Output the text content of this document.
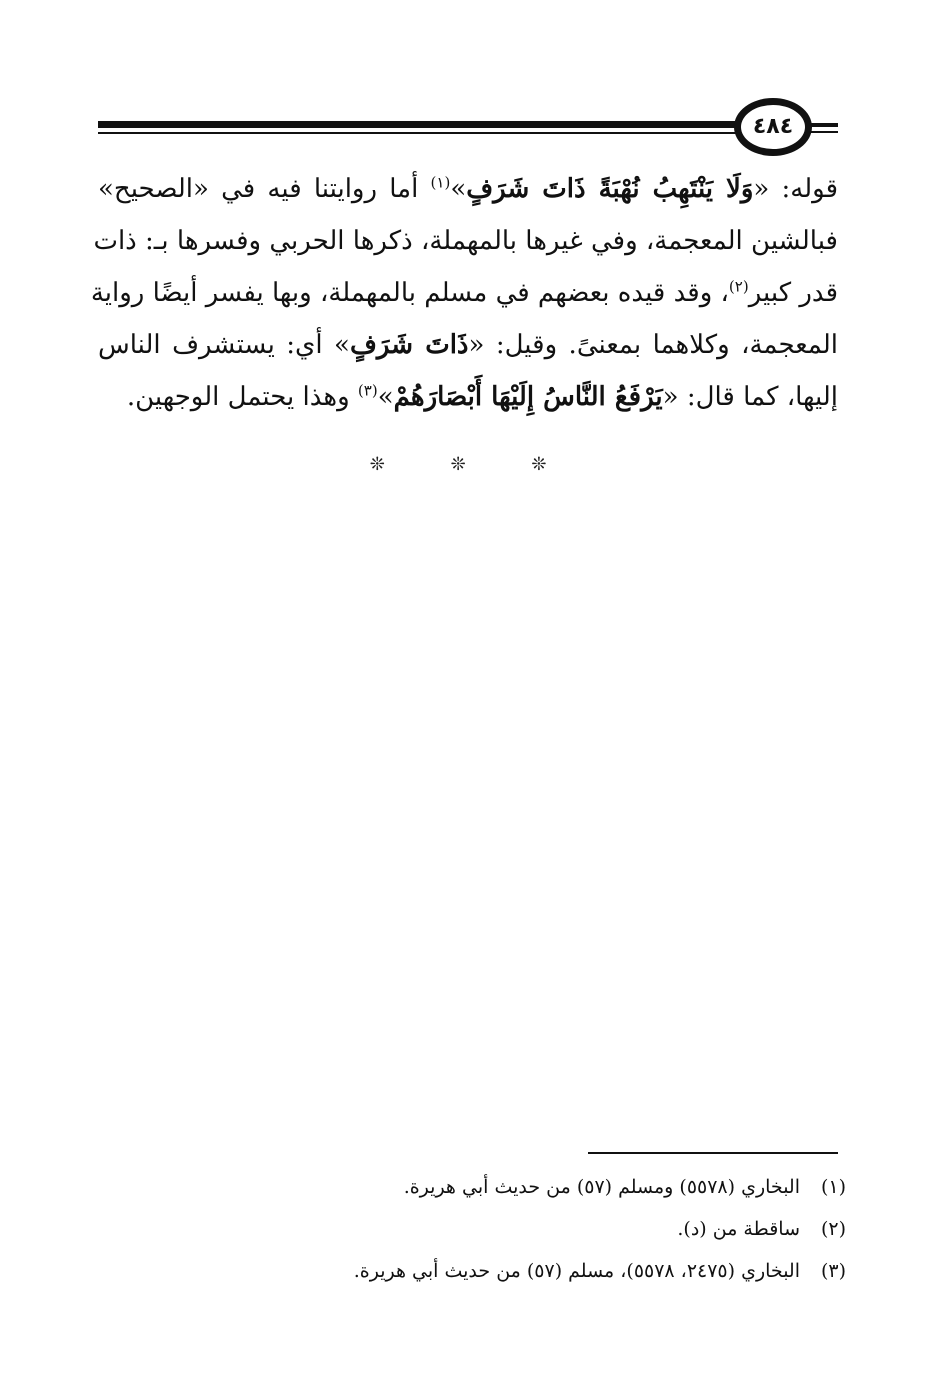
٤٨٤
قوله: «وَلَا يَنْتَهِبُ نُهْبَةً ذَاتَ شَرَفٍ»$^{(١)}$ أما روايتنا فيه في «الصحيح»
فبالشين المعجمة، وفي غيرها بالمهملة، ذكرها الحربي وفسرها بـ: ذات
قدر كبير$^{(٢)}$، وقد قيده بعضهم في مسلم بالمهملة، وبها يفسر أيضًا رواية
المعجمة، وكلاهما بمعنىً. وقيل: «ذَاتَ شَرَفٍ» أي: يستشرف الناس
إليها، كما قال: «يَرْفَعُ النَّاسُ إِلَيْهَا أَبْصَارَهُمْ»$^{(٣)}$ وهذا يحتمل الوجهين.
❊ ❊ ❊
(١)
البخاري (٥٥٧٨) ومسلم (٥٧) من حديث أبي هريرة.
(٢)
ساقطة من (د).
(٣)
البخاري (٢٤٧٥، ٥٥٧٨)، مسلم (٥٧) من حديث أبي هريرة.
